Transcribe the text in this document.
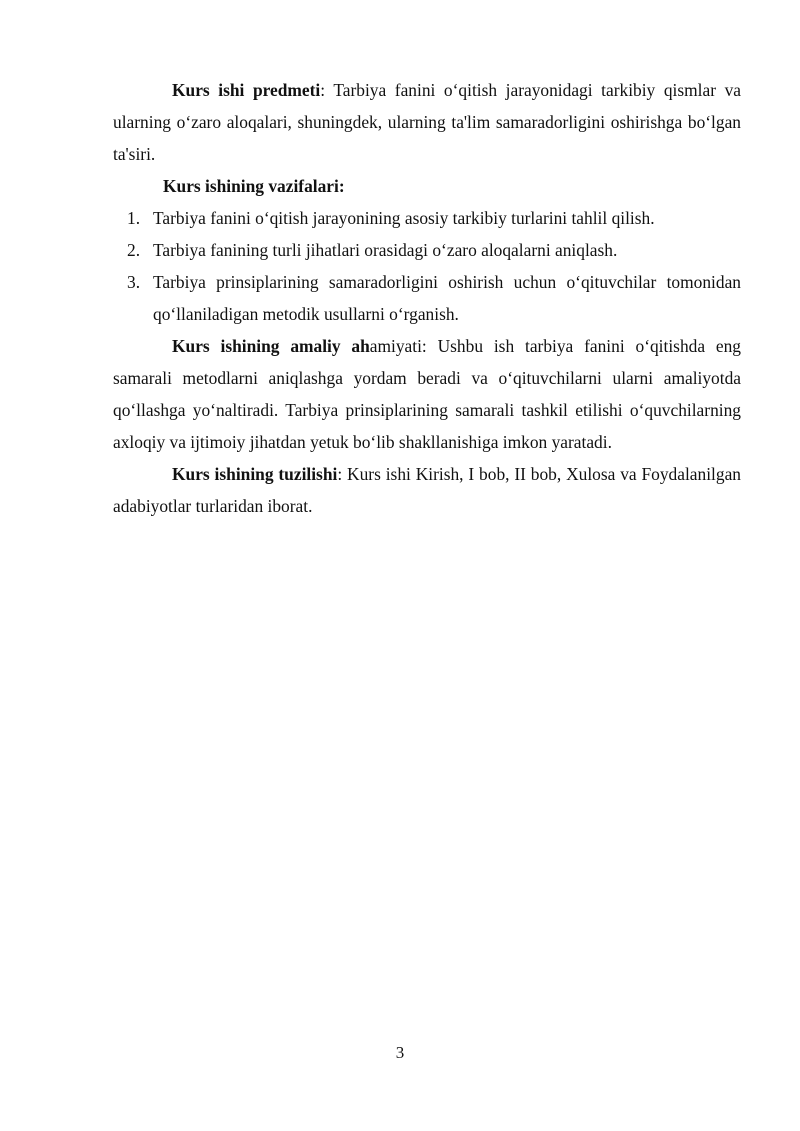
Kurs ishi predmeti: Tarbiya fanini o‘qitish jarayonidagi tarkibiy qismlar va ularning o‘zaro aloqalari, shuningdek, ularning ta'lim samaradorligini oshirishga bo‘lgan ta'siri.

Kurs ishining vazifalari:

1. Tarbiya fanini o‘qitish jarayonining asosiy tarkibiy turlarini tahlil qilish.
2. Tarbiya fanining turli jihatlari orasidagi o‘zaro aloqalarni aniqlash.
3. Tarbiya prinsiplarining samaradorligini oshirish uchun o‘qituvchilar tomonidan qo‘llaniladigan metodik usullarni o‘rganish.

Kurs ishining amaliy ahamiyati: Ushbu ish tarbiya fanini o‘qitishda eng samarali metodlarni aniqlashga yordam beradi va o‘qituvchilarni ularni amaliyotda qo‘llashga yo‘naltiradi. Tarbiya prinsiplarining samarali tashkil etilishi o‘quvchilarning axloqiy va ijtimoiy jihatdan yetuk bo‘lib shakllanishiga imkon yaratadi.

Kurs ishining tuzilishi: Kurs ishi Kirish, I bob, II bob, Xulosa va Foydalanilgan adabiyotlar turlaridan iborat.

3
